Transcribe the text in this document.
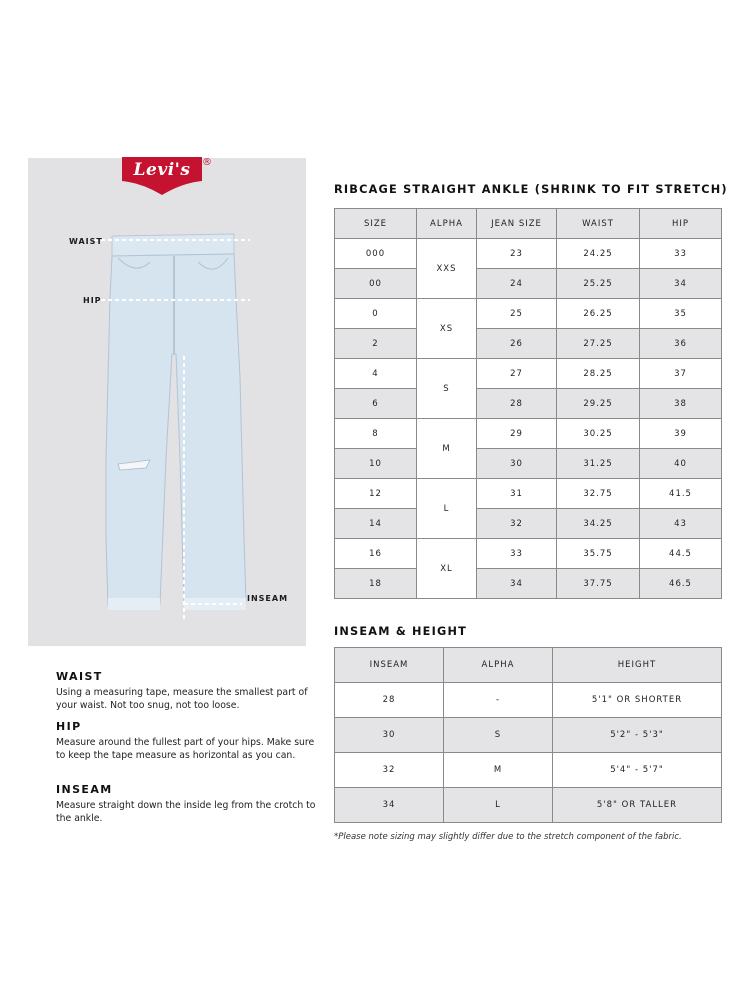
Levi's ®
WAIST
HIP
INSEAM
WAIST

Using a measuring tape, measure the smallest part of your waist. Not too snug, not too loose.

HIP

Measure around the fullest part of your hips. Make sure to keep the tape measure as horizontal as you can.

INSEAM

Measure straight down the inside leg from the crotch to the ankle.

RIBCAGE STRAIGHT ANKLE (SHRINK TO FIT STRETCH)
SIZE	ALPHA	JEAN SIZE	WAIST	HIP
000	XXS	23	24.25	33
00		24	25.25	34
0	XS	25	26.25	35
2		26	27.25	36
4	S	27	28.25	37
6		28	29.25	38
8	M	29	30.25	39
10		30	31.25	40
12	L	31	32.75	41.5
14		32	34.25	43
16	XL	33	35.75	44.5
18		34	37.75	46.5
INSEAM & HEIGHT
INSEAM	ALPHA	HEIGHT
28	-	5'1" OR SHORTER
30	S	5'2" - 5'3"
32	M	5'4" - 5'7"
34	L	5'8" OR TALLER
*Please note sizing may slightly differ due to the stretch component of the fabric.
